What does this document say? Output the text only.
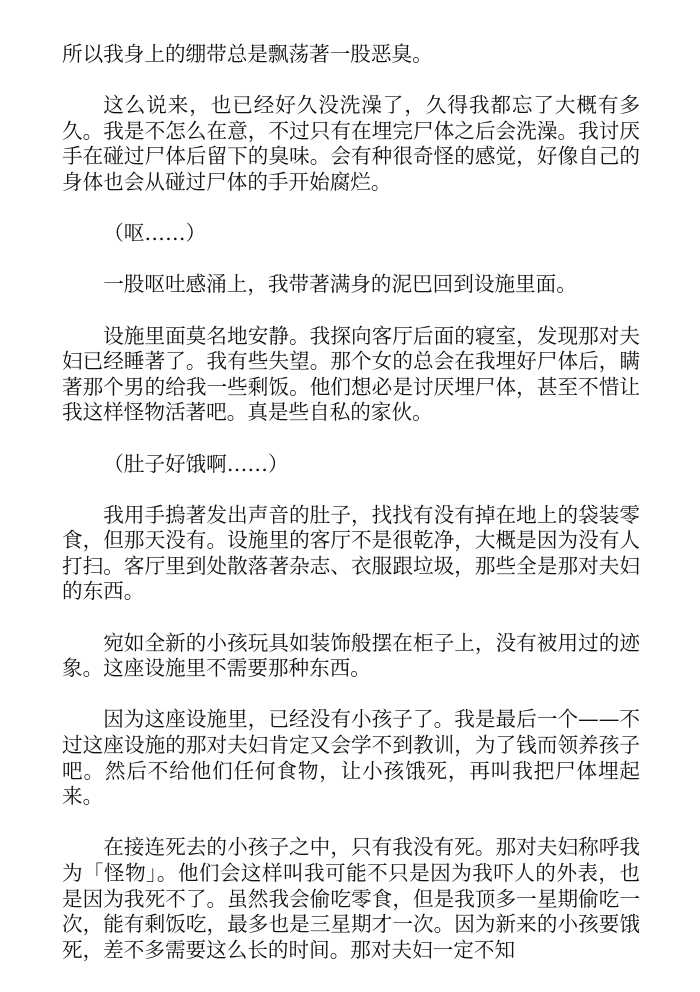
所以我身上的绷带总是飘荡著一股恶臭。

这么说来，也已经好久没洗澡了，久得我都忘了大概有多久。我是不怎么在意，不过只有在埋完尸体之后会洗澡。我讨厌手在碰过尸体后留下的臭味。会有种很奇怪的感觉，好像自己的身体也会从碰过尸体的手开始腐烂。

（呕……）

一股呕吐感涌上，我带著满身的泥巴回到设施里面。

设施里面莫名地安静。我探向客厅后面的寝室，发现那对夫妇已经睡著了。我有些失望。那个女的总会在我埋好尸体后，瞒著那个男的给我一些剩饭。他们想必是讨厌埋尸体，甚至不惜让我这样怪物活著吧。真是些自私的家伙。

（肚子好饿啊……）

我用手摀著发出声音的肚子，找找有没有掉在地上的袋装零食，但那天没有。设施里的客厅不是很乾净，大概是因为没有人打扫。客厅里到处散落著杂志、衣服跟垃圾，那些全是那对夫妇的东西。

宛如全新的小孩玩具如装饰般摆在柜子上，没有被用过的迹象。这座设施里不需要那种东西。

因为这座设施里，已经没有小孩子了。我是最后一个——不过这座设施的那对夫妇肯定又会学不到教训，为了钱而领养孩子吧。然后不给他们任何食物，让小孩饿死，再叫我把尸体埋起来。

在接连死去的小孩子之中，只有我没有死。那对夫妇称呼我为「怪物」。他们会这样叫我可能不只是因为我吓人的外表，也是因为我死不了。虽然我会偷吃零食，但是我顶多一星期偷吃一次，能有剩饭吃，最多也是三星期才一次。因为新来的小孩要饿死，差不多需要这么长的时间。那对夫妇一定不知
